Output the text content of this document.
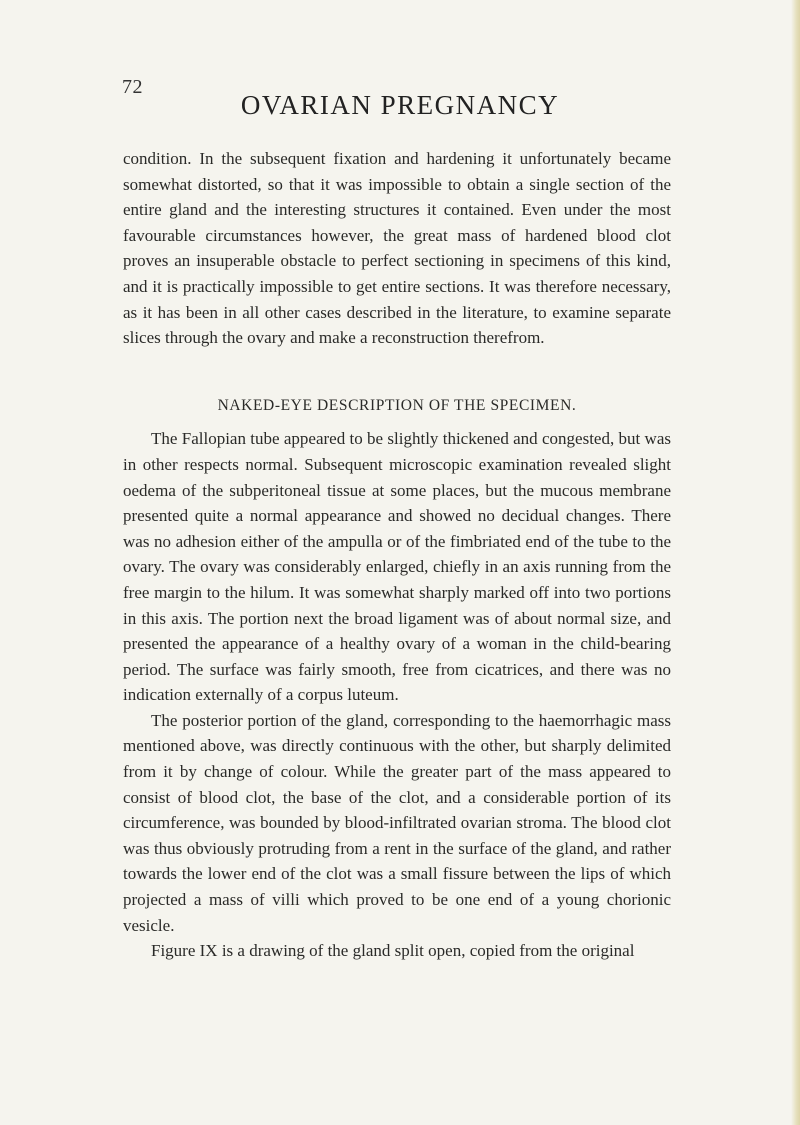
72
OVARIAN PREGNANCY

condition. In the subsequent fixation and hardening it unfortunately became somewhat distorted, so that it was impossible to obtain a single section of the entire gland and the interesting structures it contained. Even under the most favourable circumstances however, the great mass of hardened blood clot proves an insuperable obstacle to perfect sectioning in specimens of this kind, and it is practically impossible to get entire sections. It was therefore necessary, as it has been in all other cases described in the literature, to examine separate slices through the ovary and make a reconstruction therefrom.

NAKED-EYE DESCRIPTION OF THE SPECIMEN.

The Fallopian tube appeared to be slightly thickened and congested, but was in other respects normal. Subsequent microscopic examination revealed slight oedema of the subperitoneal tissue at some places, but the mucous membrane presented quite a normal appearance and showed no decidual changes. There was no adhesion either of the ampulla or of the fimbriated end of the tube to the ovary. The ovary was considerably enlarged, chiefly in an axis running from the free margin to the hilum. It was somewhat sharply marked off into two portions in this axis. The portion next the broad ligament was of about normal size, and presented the appearance of a healthy ovary of a woman in the child-bearing period. The surface was fairly smooth, free from cicatrices, and there was no indication externally of a corpus luteum.

The posterior portion of the gland, corresponding to the haemorrhagic mass mentioned above, was directly continuous with the other, but sharply delimited from it by change of colour. While the greater part of the mass appeared to consist of blood clot, the base of the clot, and a considerable portion of its circumference, was bounded by blood-infiltrated ovarian stroma. The blood clot was thus obviously protruding from a rent in the surface of the gland, and rather towards the lower end of the clot was a small fissure between the lips of which projected a mass of villi which proved to be one end of a young chorionic vesicle.

Figure IX is a drawing of the gland split open, copied from the original
